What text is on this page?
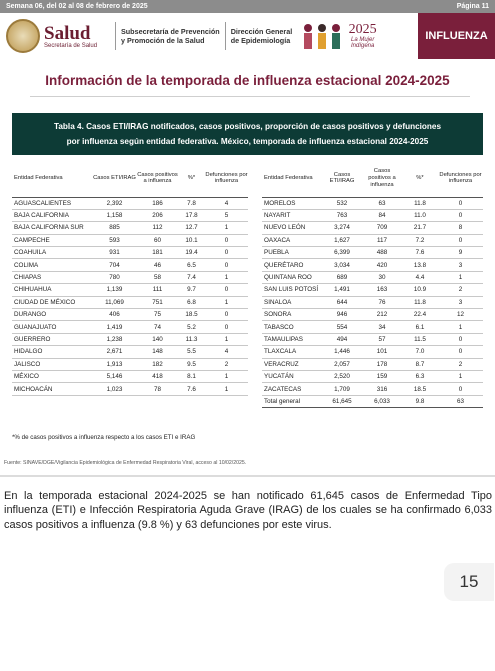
Semana 06, del 02 al 08 de febrero de 2025	Página 11
Salud
Secretaría de Salud
Subsecretaría de Prevención
y Promoción de la Salud
Dirección General
de Epidemiología

2025
La Mujer
Indígena
INFLUENZA
Información de la temporada de influenza estacional 2024-2025
Tabla 4. Casos ETI/IRAG notificados, casos positivos, proporción de casos positivos y defunciones
por influenza según entidad federativa. México, temporada de influenza estacional 2024-2025
Entidad Federativa	Casos ETI/IRAG	Casos positivos a influenza	%*	Defunciones por influenza
AGUASCALIENTES	2,392	186	7.8	4
BAJA CALIFORNIA	1,158	206	17.8	5
BAJA CALIFORNIA SUR	885	112	12.7	1
CAMPECHE	593	60	10.1	0
COAHUILA	931	181	19.4	0
COLIMA	704	46	6.5	0
CHIAPAS	780	58	7.4	1
CHIHUAHUA	1,139	111	9.7	0
CIUDAD DE MÉXICO	11,069	751	6.8	1
DURANGO	406	75	18.5	0
GUANAJUATO	1,419	74	5.2	0
GUERRERO	1,238	140	11.3	1
HIDALGO	2,671	148	5.5	4
JALISCO	1,913	182	9.5	2
MÉXICO	5,146	418	8.1	1
MICHOACÁN	1,023	78	7.6	1
Entidad Federativa	Casos ETI/IRAG	Casos positivos a influenza	%*	Defunciones por influenza
MORELOS	532	63	11.8	0
NAYARIT	763	84	11.0	0
NUEVO LEÓN	3,274	709	21.7	8
OAXACA	1,627	117	7.2	0
PUEBLA	6,399	488	7.6	9
QUERÉTARO	3,034	420	13.8	3
QUINTANA ROO	689	30	4.4	1
SAN LUIS POTOSÍ	1,491	163	10.9	2
SINALOA	644	76	11.8	3
SONORA	946	212	22.4	12
TABASCO	554	34	6.1	1
TAMAULIPAS	494	57	11.5	0
TLAXCALA	1,446	101	7.0	0
VERACRUZ	2,057	178	8.7	2
YUCATÁN	2,520	159	6.3	1
ZACATECAS	1,709	316	18.5	0
Total general	61,645	6,033	9.8	63
*% de casos positivos a influenza respecto a los casos ETI e IRAG
Fuente: SINAVE/DGE/Vigilancia Epidemiológica de Enfermedad Respiratoria Viral, acceso al 10/02/2025.
En la temporada estacional 2024-2025 se han notificado 61,645 casos de Enfermedad Tipo influenza (ETI) e Infección Respiratoria Aguda Grave (IRAG) de los cuales se ha confirmado 6,033 casos positivos a influenza (9.8 %) y 63 defunciones por este virus.
15
